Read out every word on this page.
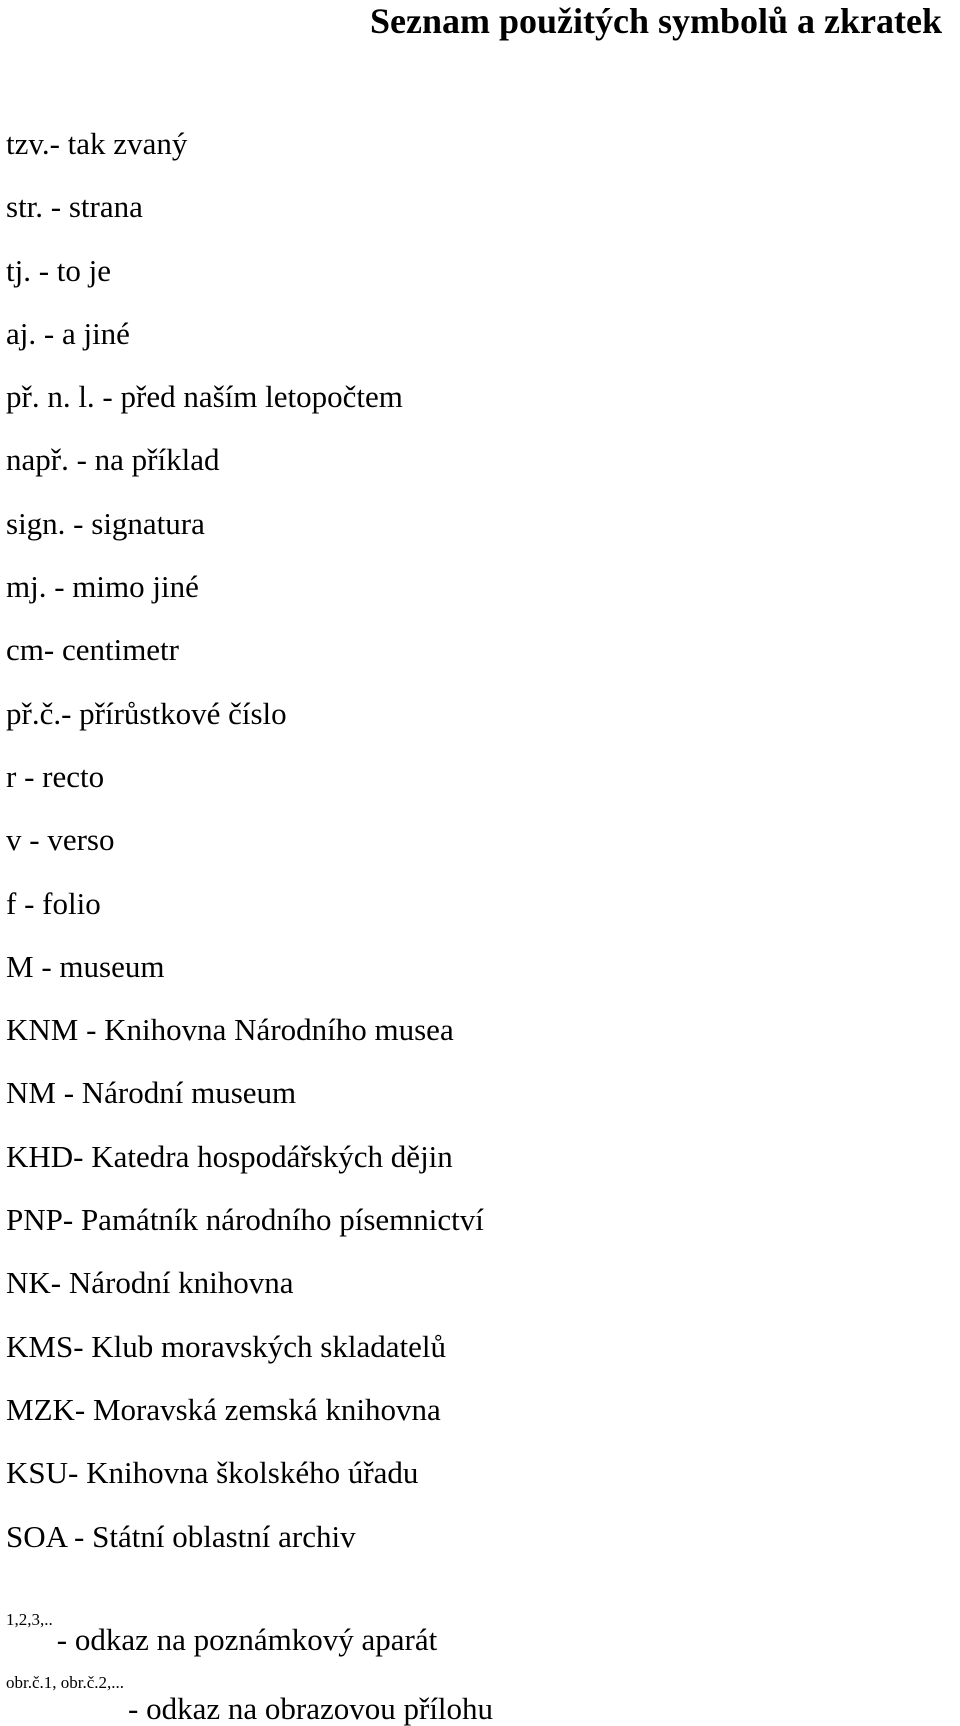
Seznam použitých symbolů a zkratek
tzv.- tak zvaný
str. - strana
tj. - to je
aj. - a jiné
př. n. l. - před naším letopočtem
např. - na příklad
sign. - signatura
mj. - mimo jiné
cm- centimetr
př.č.- přírůstkové číslo
r - recto
v - verso
f - folio
M - museum
KNM - Knihovna Národního musea
NM - Národní museum
KHD- Katedra hospodářských dějin
PNP- Památník národního písemnictví
NK- Národní knihovna
KMS- Klub moravských skladatelů
MZK- Moravská zemská knihovna
KSU- Knihovna školského úřadu
SOA - Státní oblastní archiv
1,2,3,.. - odkaz na poznámkový aparát
obr.č.1, obr.č.2,... - odkaz na obrazovou přílohu
